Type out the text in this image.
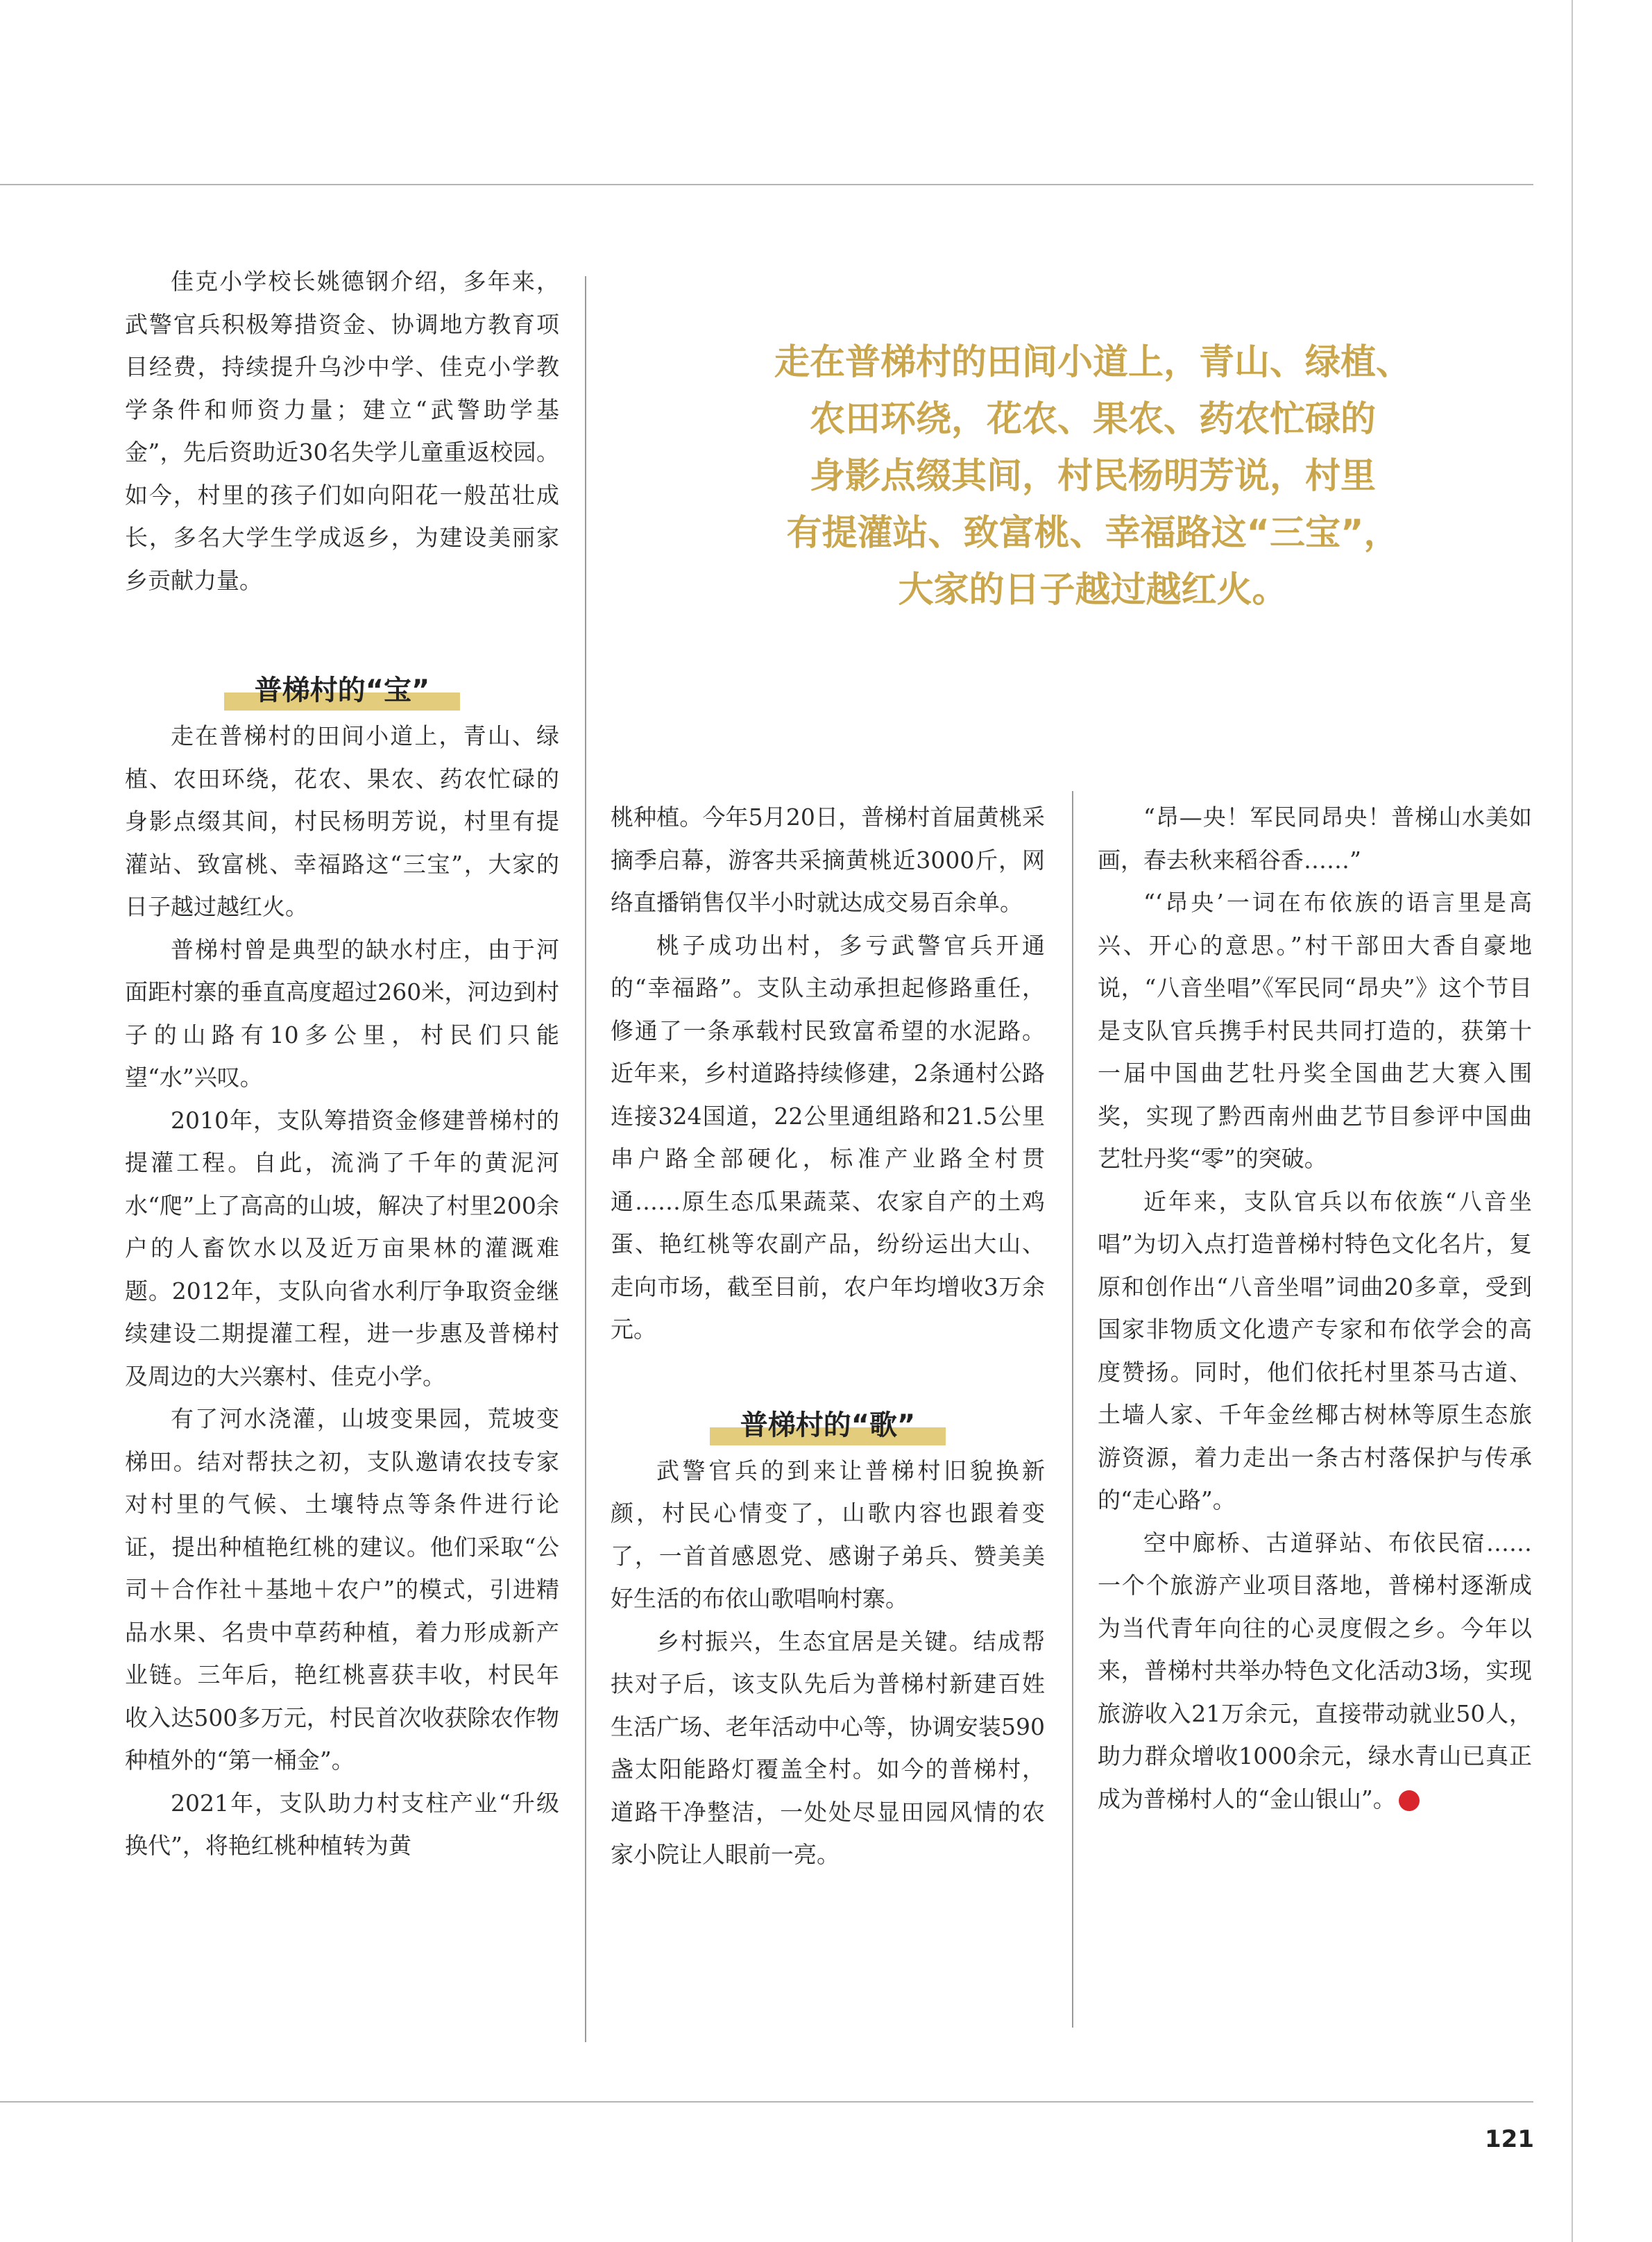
走在普梯村的田间小道上，青山、绿植、
农田环绕，花农、果农、药农忙碌的
身影点缀其间，村民杨明芳说，村里
有提灌站、致富桃、幸福路这“三宝”，
大家的日子越过越红火。

佳克小学校长姚德钢介绍，多年来，武警官兵积极筹措资金、协调地方教育项目经费，持续提升乌沙中学、佳克小学教学条件和师资力量；建立“武警助学基金”，先后资助近30名失学儿童重返校园。如今，村里的孩子们如向阳花一般茁壮成长，多名大学生学成返乡，为建设美丽家乡贡献力量。

普梯村的“宝”

走在普梯村的田间小道上，青山、绿植、农田环绕，花农、果农、药农忙碌的身影点缀其间，村民杨明芳说，村里有提灌站、致富桃、幸福路这“三宝”，大家的日子越过越红火。

普梯村曾是典型的缺水村庄，由于河面距村寨的垂直高度超过260米，河边到村子的山路有10多公里，村民们只能望“水”兴叹。

2010年，支队筹措资金修建普梯村的提灌工程。自此，流淌了千年的黄泥河水“爬”上了高高的山坡，解决了村里200余户的人畜饮水以及近万亩果林的灌溉难题。2012年，支队向省水利厅争取资金继续建设二期提灌工程，进一步惠及普梯村及周边的大兴寨村、佳克小学。

有了河水浇灌，山坡变果园，荒坡变梯田。结对帮扶之初，支队邀请农技专家对村里的气候、土壤特点等条件进行论证，提出种植艳红桃的建议。他们采取“公司＋合作社＋基地＋农户”的模式，引进精品水果、名贵中草药种植，着力形成新产业链。三年后，艳红桃喜获丰收，村民年收入达500多万元，村民首次收获除农作物种植外的“第一桶金”。

2021年，支队助力村支柱产业“升级换代”，将艳红桃种植转为黄

桃种植。今年5月20日，普梯村首届黄桃采摘季启幕，游客共采摘黄桃近3000斤，网络直播销售仅半小时就达成交易百余单。

桃子成功出村，多亏武警官兵开通的“幸福路”。支队主动承担起修路重任，修通了一条承载村民致富希望的水泥路。近年来，乡村道路持续修建，2条通村公路连接324国道，22公里通组路和21.5公里串户路全部硬化，标准产业路全村贯通……原生态瓜果蔬菜、农家自产的土鸡蛋、艳红桃等农副产品，纷纷运出大山、走向市场，截至目前，农户年均增收3万余元。

普梯村的“歌”

武警官兵的到来让普梯村旧貌换新颜，村民心情变了，山歌内容也跟着变了，一首首感恩党、感谢子弟兵、赞美美好生活的布依山歌唱响村寨。

乡村振兴，生态宜居是关键。结成帮扶对子后，该支队先后为普梯村新建百姓生活广场、老年活动中心等，协调安装590盏太阳能路灯覆盖全村。如今的普梯村，道路干净整洁，一处处尽显田园风情的农家小院让人眼前一亮。

“昂—央！军民同昂央！普梯山水美如画，春去秋来稻谷香……”

“‘昂央’一词在布依族的语言里是高兴、开心的意思。”村干部田大香自豪地说，“八音坐唱”《军民同“昂央”》这个节目是支队官兵携手村民共同打造的，获第十一届中国曲艺牡丹奖全国曲艺大赛入围奖，实现了黔西南州曲艺节目参评中国曲艺牡丹奖“零”的突破。

近年来，支队官兵以布依族“八音坐唱”为切入点打造普梯村特色文化名片，复原和创作出“八音坐唱”词曲20多章，受到国家非物质文化遗产专家和布依学会的高度赞扬。同时，他们依托村里茶马古道、土墙人家、千年金丝椰古树林等原生态旅游资源，着力走出一条古村落保护与传承的“走心路”。

空中廊桥、古道驿站、布依民宿……一个个旅游产业项目落地，普梯村逐渐成为当代青年向往的心灵度假之乡。今年以来，普梯村共举办特色文化活动3场，实现旅游收入21万余元，直接带动就业50人，助力群众增收1000余元，绿水青山已真正成为普梯村人的“金山银山”。	N

121
